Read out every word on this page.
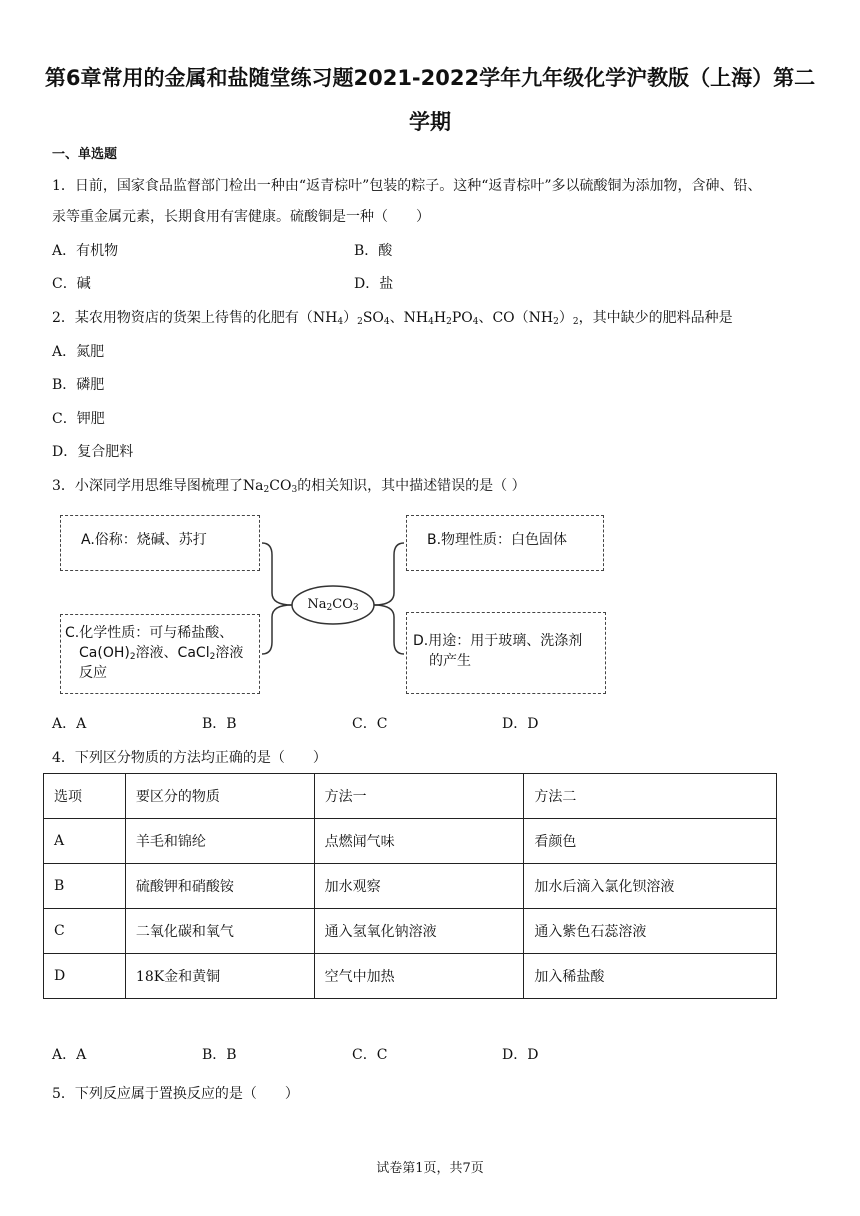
第6章常用的金属和盐随堂练习题2021-2022学年九年级化学沪教版（上海）第二学期
一、单选题
1．日前，国家食品监督部门检出一种由“返青棕叶”包装的粽子。这种“返青棕叶”多以硫酸铜为添加物，含砷、铅、
汞等重金属元素，长期食用有害健康。硫酸铜是一种（　　）
A．有机物	B．酸
C．碱	D．盐
2．某农用物资店的货架上待售的化肥有$(NH_4)_2SO_4$、$NH_4H_2PO_4$、$CO(NH_2)_2$，其中缺少的肥料品种是
A．氮肥
B．磷肥
C．钾肥
D．复合肥料
3．小深同学用思维导图梳理了$Na_2CO_3$的相关知识，其中描述错误的是（ ）
A.俗称：烧碱、苏打	B.物理性质：白色固体
C.化学性质：可与稀盐酸、
$Ca(OH)_2$溶液、CaCl$_2$溶液
反应
D.用途：用于玻璃、洗涤剂
的产生
$Na_2CO_3$
A．A	B．B	C．C	D．D
4．下列区分物质的方法均正确的是（　　）
选项	要区分的物质	方法一	方法二
A	羊毛和锦纶	点燃闻气味	看颜色
B	硫酸钾和硝酸铵	加水观察	加水后滴入氯化钡溶液
C	二氧化碳和氧气	通入氢氧化钠溶液	通入紫色石蕊溶液
D	18K金和黄铜	空气中加热	加入稀盐酸
A．A	B．B	C．C	D．D
5．下列反应属于置换反应的是（　　）
试卷第1页，共7页
